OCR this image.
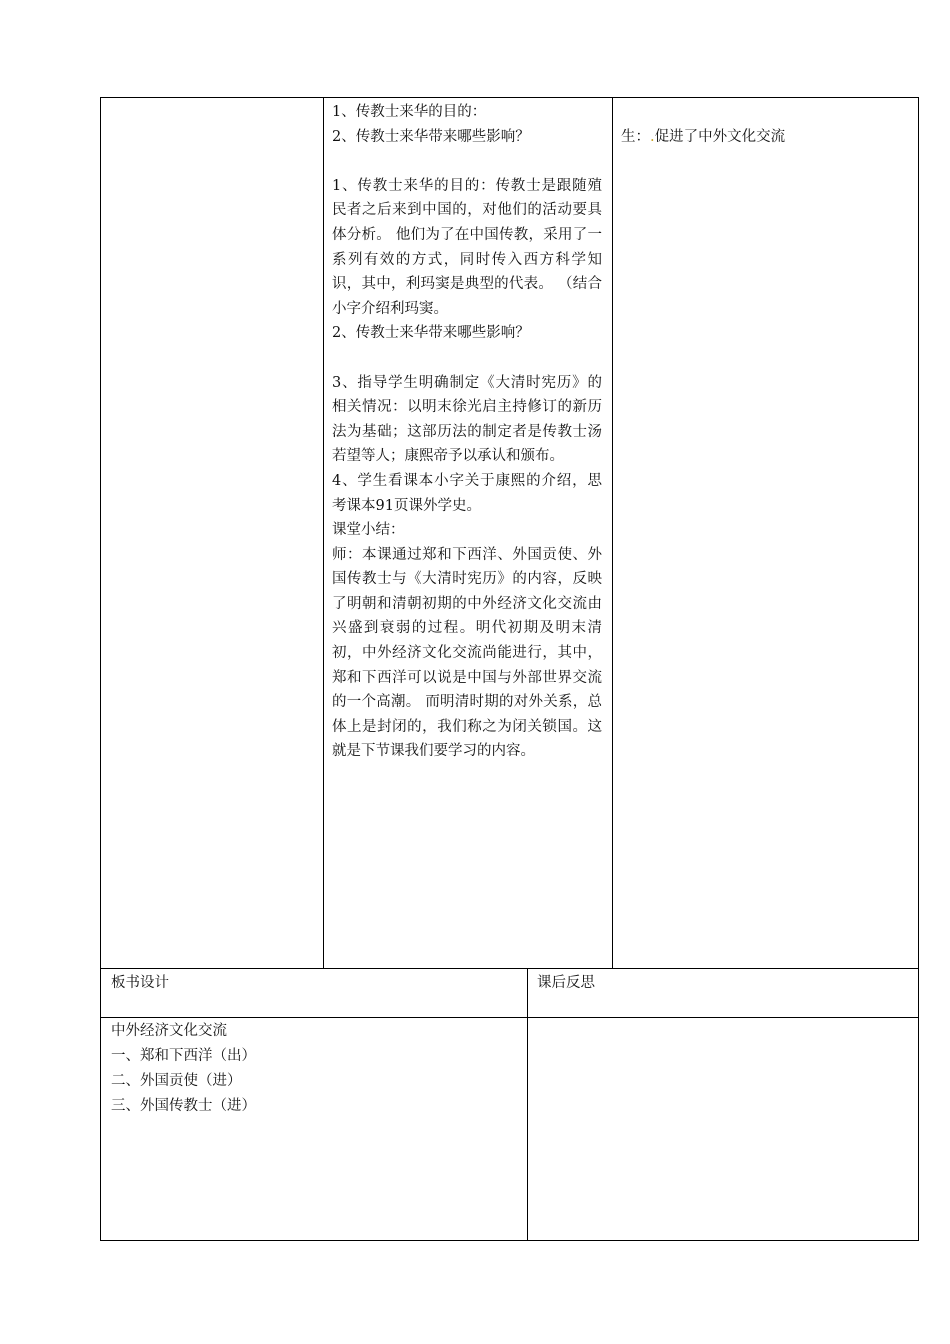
1、传教士来华的目的：

2、传教士来华带来哪些影响？

1、传教士来华的目的：传教士是跟随殖民者之后来到中国的，对他们的活动要具体分析。 他们为了在中国传教，采用了一系列有效的方式，同时传入西方科学知识，其中，利玛窦是典型的代表。 （结合小字介绍利玛窦。

2、传教士来华带来哪些影响？

3、指导学生明确制定《大清时宪历》的相关情况：以明末徐光启主持修订的新历法为基础；这部历法的制定者是传教士汤若望等人；康熙帝予以承认和颁布。

4、学生看课本小字关于康熙的介绍，思考课本91页课外学史。

课堂小结：

师：本课通过郑和下西洋、外国贡使、外国传教士与《大清时宪历》的内容，反映了明朝和清朝初期的中外经济文化交流由兴盛到衰弱的过程。明代初期及明末清初，中外经济文化交流尚能进行，其中，郑和下西洋可以说是中国与外部世界交流的一个高潮。 而明清时期的对外关系，总体上是封闭的，我们称之为闭关锁国。这就是下节课我们要学习的内容。

生：.促进了中外文化交流
板书设计	课后反思
中外经济文化交流
一、郑和下西洋（出）
二、外国贡使（进）
三、外国传教士（进）
